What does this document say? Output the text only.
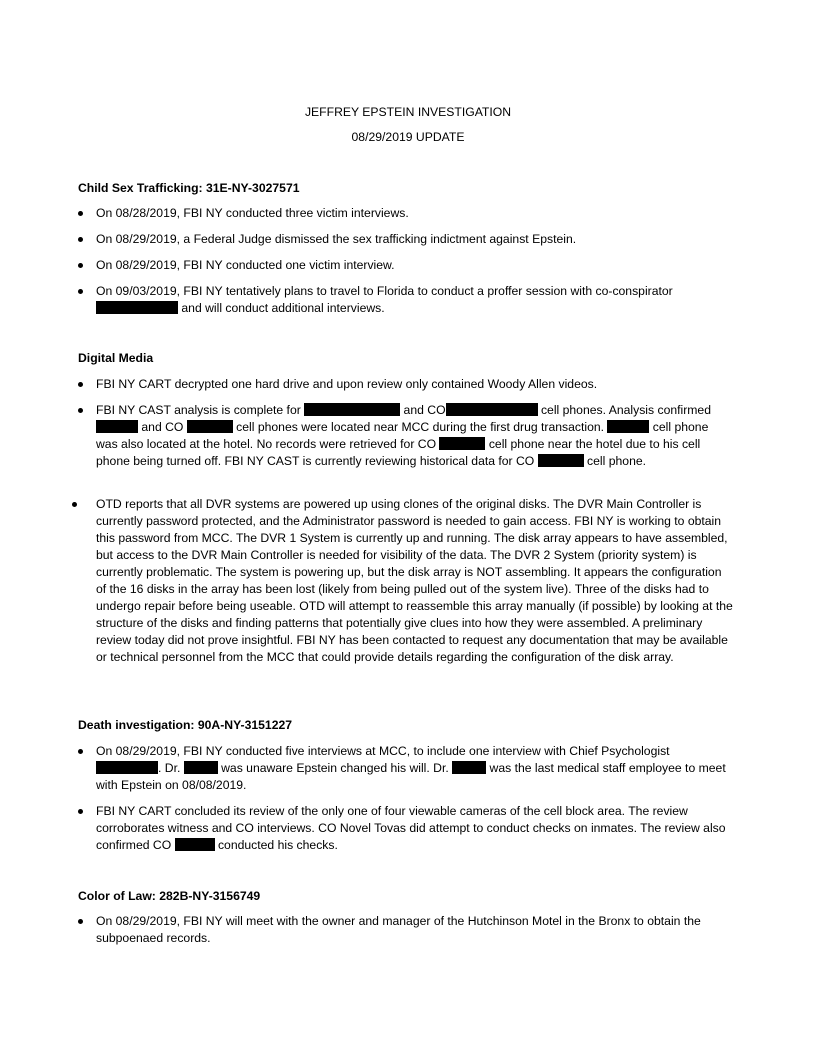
JEFFREY EPSTEIN INVESTIGATION
08/29/2019 UPDATE
Child Sex Trafficking: 31E-NY-3027571
On 08/28/2019, FBI NY conducted three victim interviews.
On 08/29/2019, a Federal Judge dismissed the sex trafficking indictment against Epstein.
On 08/29/2019, FBI NY conducted one victim interview.
On 09/03/2019, FBI NY tentatively plans to travel to Florida to conduct a proffer session with co-conspirator
and will conduct additional interviews.
Digital Media
FBI NY CART decrypted one hard drive and upon review only contained Woody Allen videos.
FBI NY CAST analysis is complete for	and CO	cell phones. Analysis confirmed  and CO	cell phones were located near MCC during the first drug transaction.	cell phone was also located at the hotel. No records were retrieved for CO	cell phone near the hotel due to his cell phone being turned off. FBI NY CAST is currently reviewing historical data for CO	cell phone.
OTD reports that all DVR systems are powered up using clones of the original disks. The DVR Main Controller is currently password protected, and the Administrator password is needed to gain access. FBI NY is working to obtain this password from MCC. The DVR 1 System is currently up and running. The disk array appears to have assembled, but access to the DVR Main Controller is needed for visibility of the data. The DVR 2 System (priority system) is currently problematic. The system is powering up, but the disk array is NOT assembling. It appears the configuration of the 16 disks in the array has been lost (likely from being pulled out of the system live). Three of the disks had to undergo repair before being useable. OTD will attempt to reassemble this array manually (if possible) by looking at the structure of the disks and finding patterns that potentially give clues into how they were assembled. A preliminary review today did not prove insightful. FBI NY has been contacted to request any documentation that may be available or technical personnel from the MCC that could provide details regarding the configuration of the disk array.
Death investigation: 90A-NY-3151227
On 08/29/2019, FBI NY conducted five interviews at MCC, to include one interview with Chief Psychologist . Dr.	was unaware Epstein changed his will. Dr.	was the last medical staff employee to meet with Epstein on 08/08/2019.
FBI NY CART concluded its review of the only one of four viewable cameras of the cell block area. The review corroborates witness and CO interviews. CO Novel Tovas did attempt to conduct checks on inmates. The review also confirmed CO	conducted his checks.
Color of Law: 282B-NY-3156749
On 08/29/2019, FBI NY will meet with the owner and manager of the Hutchinson Motel in the Bronx to obtain the subpoenaed records.
